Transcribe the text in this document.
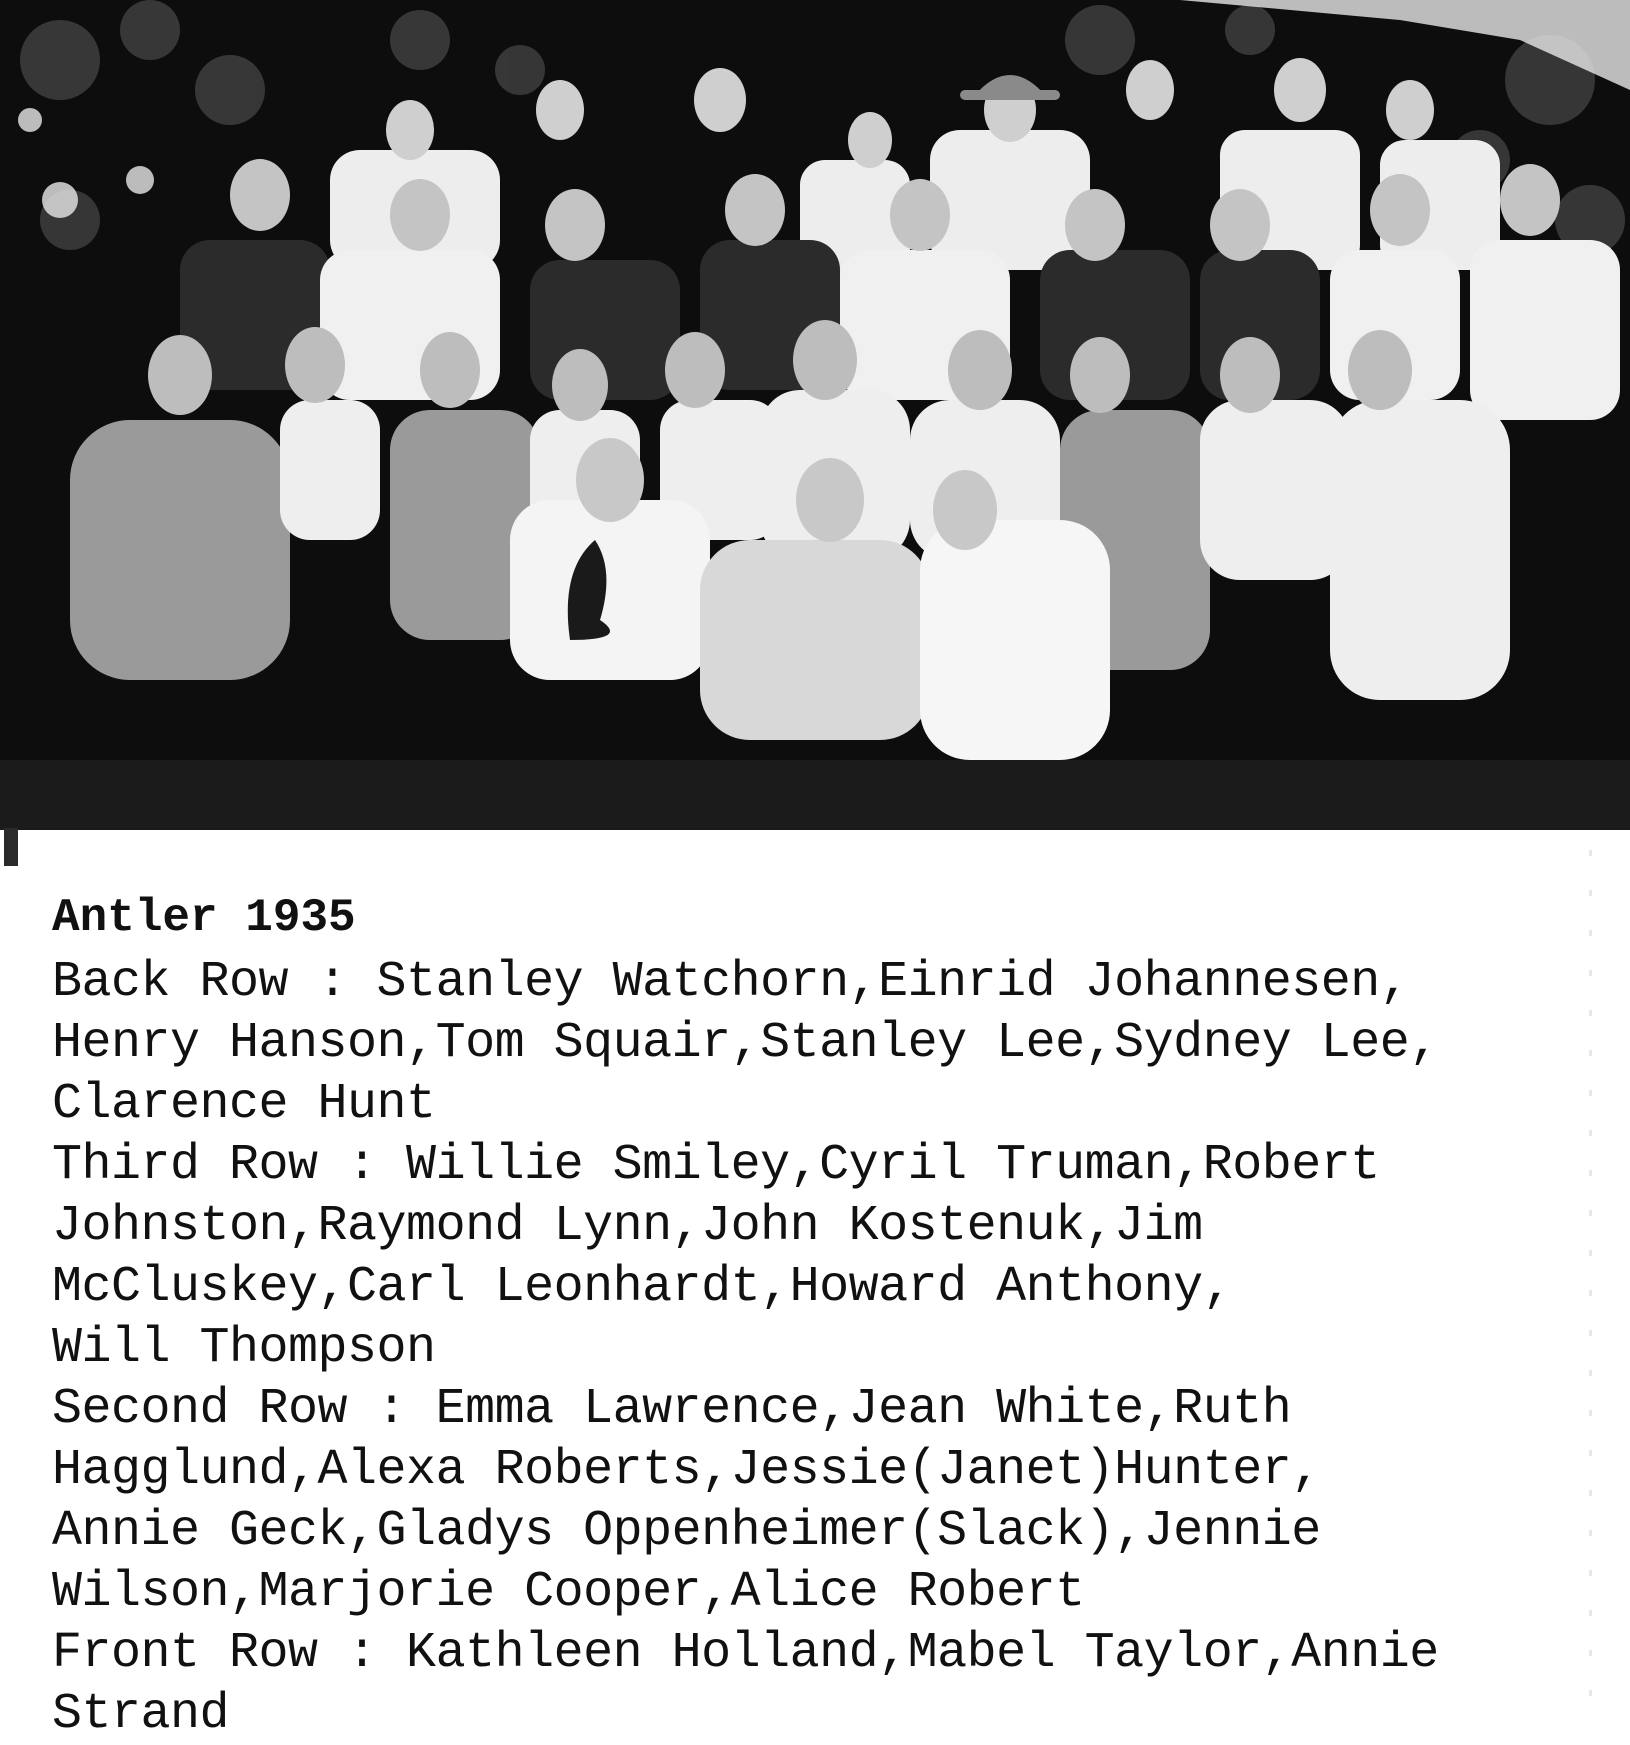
Antler 1935
Back Row : Stanley Watchorn,Einrid Johannesen,
Henry Hanson,Tom Squair,Stanley Lee,Sydney Lee,
Clarence Hunt
Third Row : Willie Smiley,Cyril Truman,Robert
Johnston,Raymond Lynn,John Kostenuk,Jim
McCluskey,Carl Leonhardt,Howard Anthony,
Will Thompson
Second Row : Emma Lawrence,Jean White,Ruth
Hagglund,Alexa Roberts,Jessie(Janet)Hunter,
Annie Geck,Gladys Oppenheimer(Slack),Jennie
Wilson,Marjorie Cooper,Alice Robert
Front Row : Kathleen Holland,Mabel Taylor,Annie
Strand
